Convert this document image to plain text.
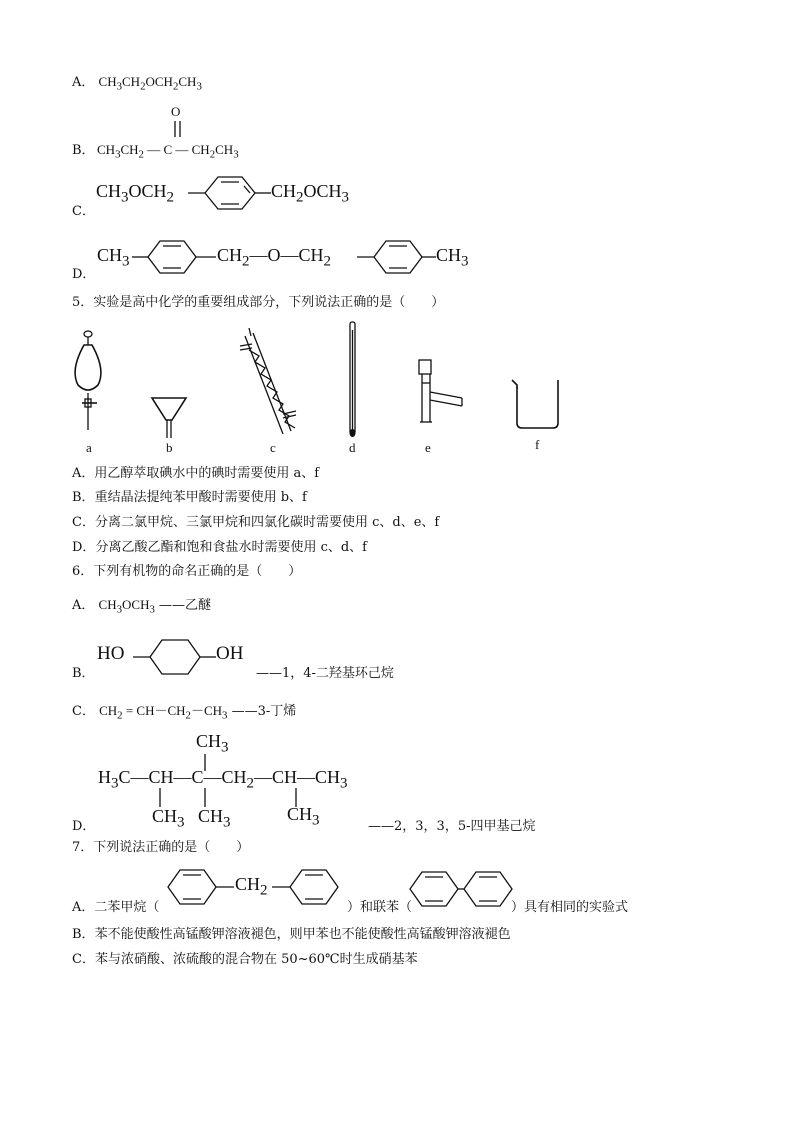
A． $CH_3CH_2OCH_2CH_3$
B．
O
$CH_3CH_2$ — C — $CH_2CH_3$
C．
$CH_3OCH_2$	$CH_2OCH_3$
D．
$CH_3$	$CH_2—O—CH_2$	$CH_3$
5．实验是高中化学的重要组成部分，下列说法正确的是（　　）
a	b	c	d	e	f
A．用乙醇萃取碘水中的碘时需要使用 a、f
B．重结晶法提纯苯甲酸时需要使用 b、f
C．分离二氯甲烷、三氯甲烷和四氯化碳时需要使用 c、d、e、f
D．分离乙酸乙酯和饱和食盐水时需要使用 c、d、f
6．下列有机物的命名正确的是（　　）
A． $CH_3OCH_3$ ——乙醚
B．
HO	OH
——1，4-二羟基环己烷
C． $CH_2 = CH-CH_2-CH_3$ ——3-丁烯
D．
$CH_3$
$H_3C—CH—C—CH_2—CH—CH_3$
$CH_3$ $CH_3$	$CH_3$	——2，3，3，5-四甲基己烷
7．下列说法正确的是（　　）
A．二苯甲烷（
$CH_2$
）和联苯（	）具有相同的实验式
B．苯不能使酸性高锰酸钾溶液褪色，则甲苯也不能使酸性高锰酸钾溶液褪色
C．苯与浓硝酸、浓硫酸的混合物在 50~60℃时生成硝基苯
